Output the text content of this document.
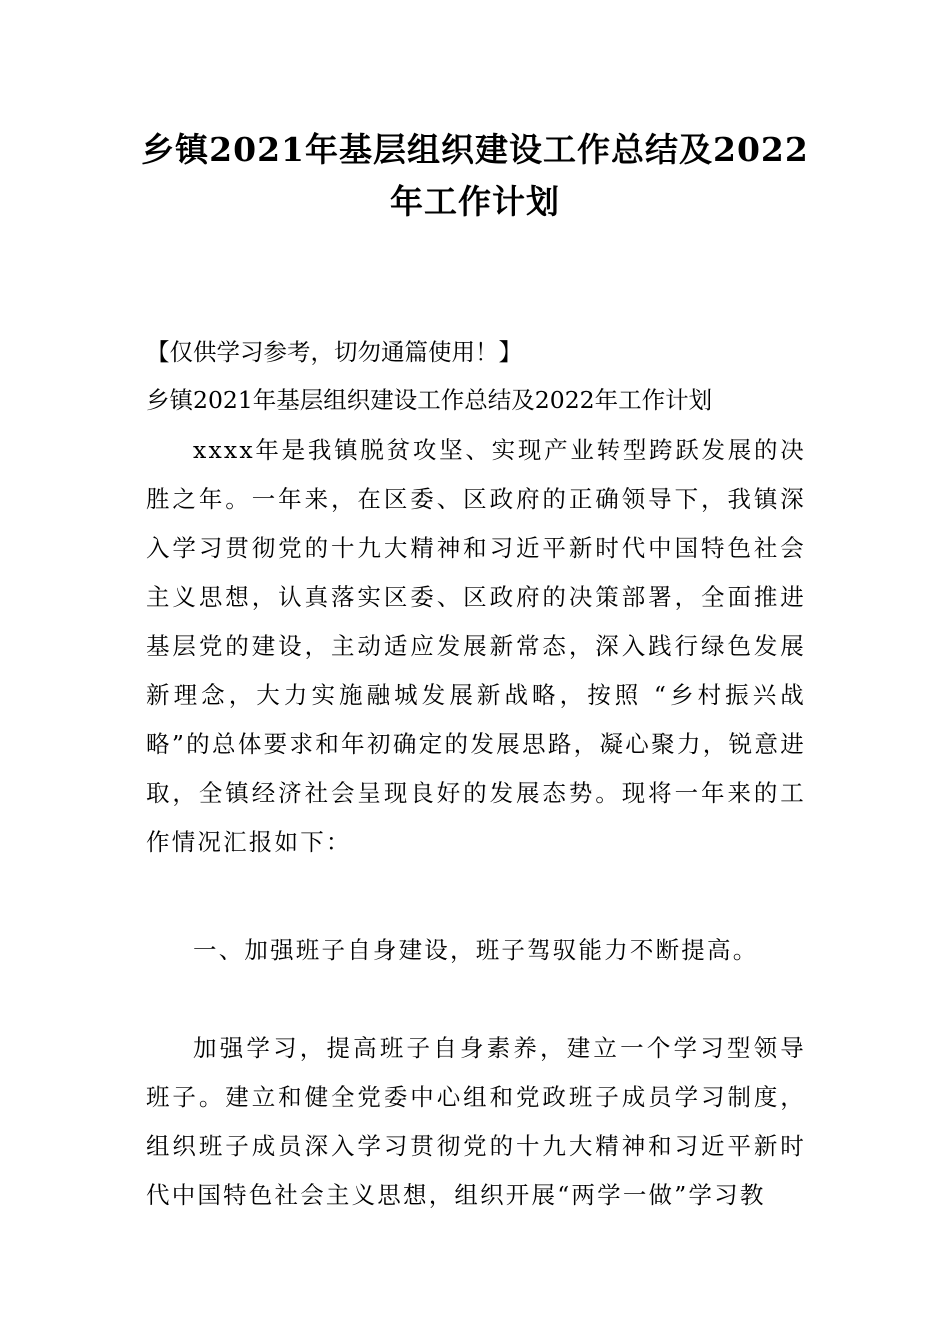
乡镇2021年基层组织建设工作总结及2022
年工作计划
【仅供学习参考，切勿通篇使用！】
乡镇2021年基层组织建设工作总结及2022年工作计划
xxxx年是我镇脱贫攻坚、实现产业转型跨跃发展的决胜之年。一年来，在区委、区政府的正确领导下，我镇深入学习贯彻党的十九大精神和习近平新时代中国特色社会主义思想，认真落实区委、区政府的决策部署，全面推进基层党的建设，主动适应发展新常态，深入践行绿色发展新理念，大力实施融城发展新战略，按照 “乡村振兴战略”的总体要求和年初确定的发展思路，凝心聚力，锐意进取，全镇经济社会呈现良好的发展态势。现将一年来的工作情况汇报如下：
一、加强班子自身建设，班子驾驭能力不断提高。
加强学习，提高班子自身素养，建立一个学习型领导班子。建立和健全党委中心组和党政班子成员学习制度，组织班子成员深入学习贯彻党的十九大精神和习近平新时代中国特色社会主义思想，组织开展“两学一做”学习教
